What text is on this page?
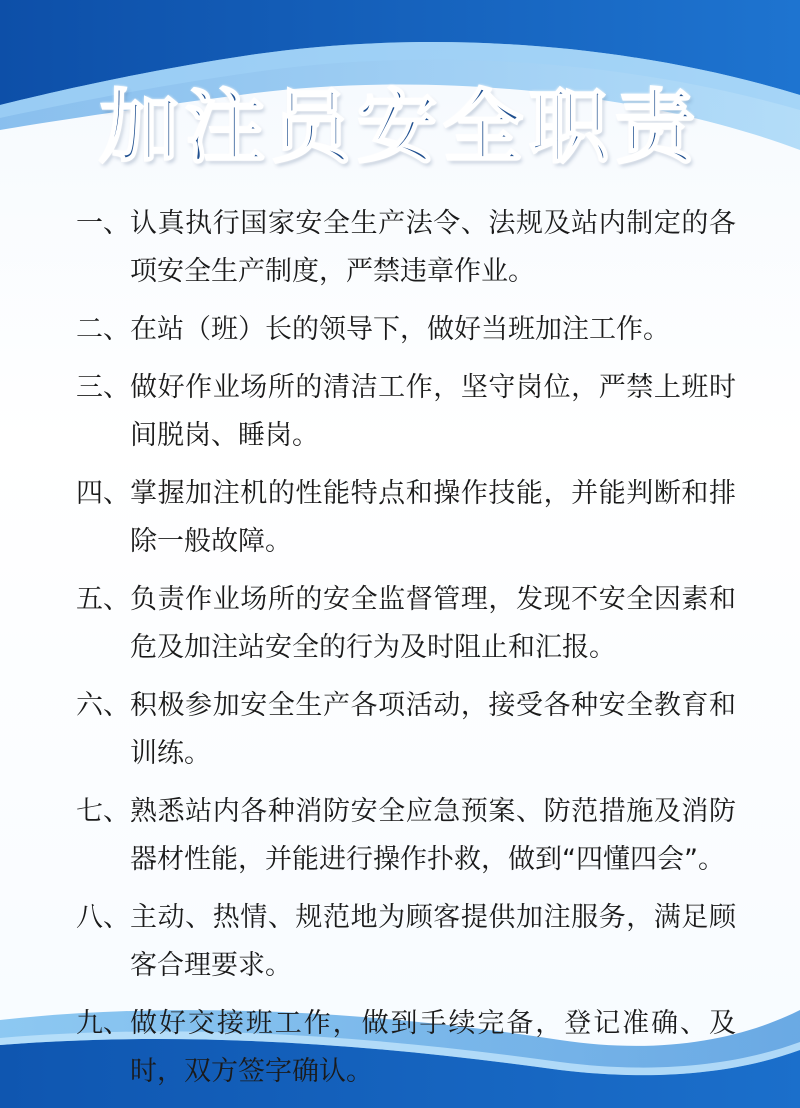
加注员安全职责
一、 认真执行国家安全生产法令、法规及站内制定的各项安全生产制度，严禁违章作业。
二、 在站（班）长的领导下，做好当班加注工作。
三、 做好作业场所的清洁工作，坚守岗位，严禁上班时间脱岗、睡岗。
四、 掌握加注机的性能特点和操作技能，并能判断和排除一般故障。
五、 负责作业场所的安全监督管理，发现不安全因素和危及加注站安全的行为及时阻止和汇报。
六、 积极参加安全生产各项活动，接受各种安全教育和训练。
七、 熟悉站内各种消防安全应急预案、防范措施及消防器材性能，并能进行操作扑救，做到“四懂四会”。
八、 主动、热情、规范地为顾客提供加注服务，满足顾客合理要求。
九、 做好交接班工作，做到手续完备，登记准确、及时，双方签字确认。
